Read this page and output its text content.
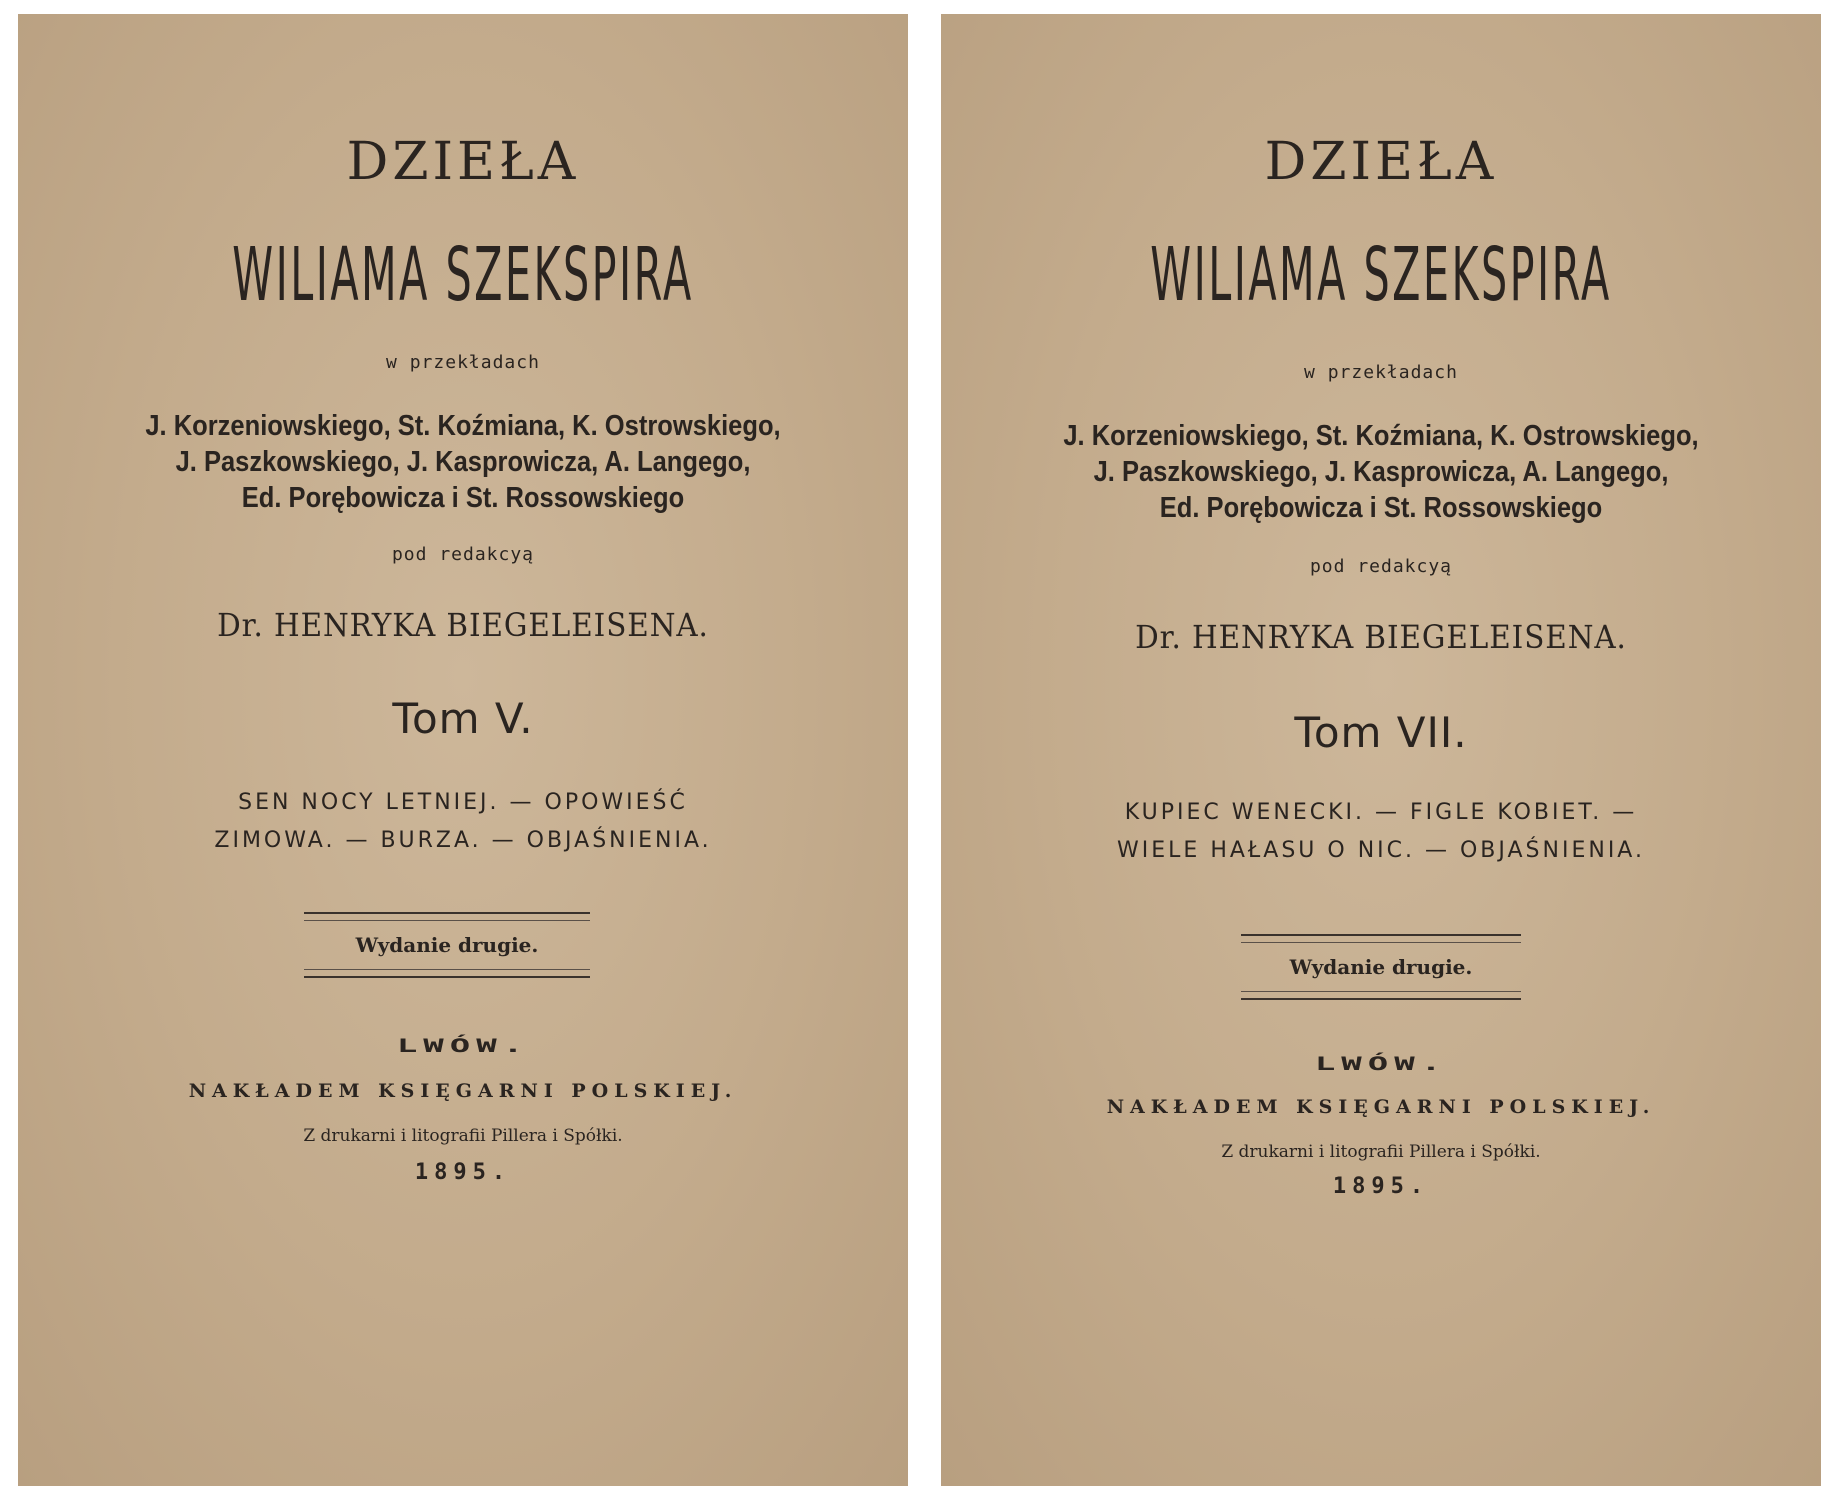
DZIEŁA
WILIAMA SZEKSPIRA
w przekładach
J. Korzeniowskiego, St. Koźmiana, K. Ostrowskiego,
J. Paszkowskiego, J. Kasprowicza, A. Langego,
Ed. Porębowicza i St. Rossowskiego
pod redakcyą
Dr. HENRYKA BIEGELEISENA.
Tom V.
SEN NOCY LETNIEJ. — OPOWIEŚĆ
ZIMOWA. — BURZA. — OBJAŚNIENIA.
Wydanie drugie.
LWÓW.
NAKŁADEM KSIĘGARNI POLSKIEJ.
Z drukarni i litografii Pillera i Spółki.
1895.
DZIEŁA
WILIAMA SZEKSPIRA
w przekładach
J. Korzeniowskiego, St. Koźmiana, K. Ostrowskiego,
J. Paszkowskiego, J. Kasprowicza, A. Langego,
Ed. Porębowicza i St. Rossowskiego
pod redakcyą
Dr. HENRYKA BIEGELEISENA.
Tom VII.
KUPIEC WENECKI. — FIGLE KOBIET. —
WIELE HAŁASU O NIC. — OBJAŚNIENIA.
Wydanie drugie.
LWÓW.
NAKŁADEM KSIĘGARNI POLSKIEJ.
Z drukarni i litografii Pillera i Spółki.
1895.
